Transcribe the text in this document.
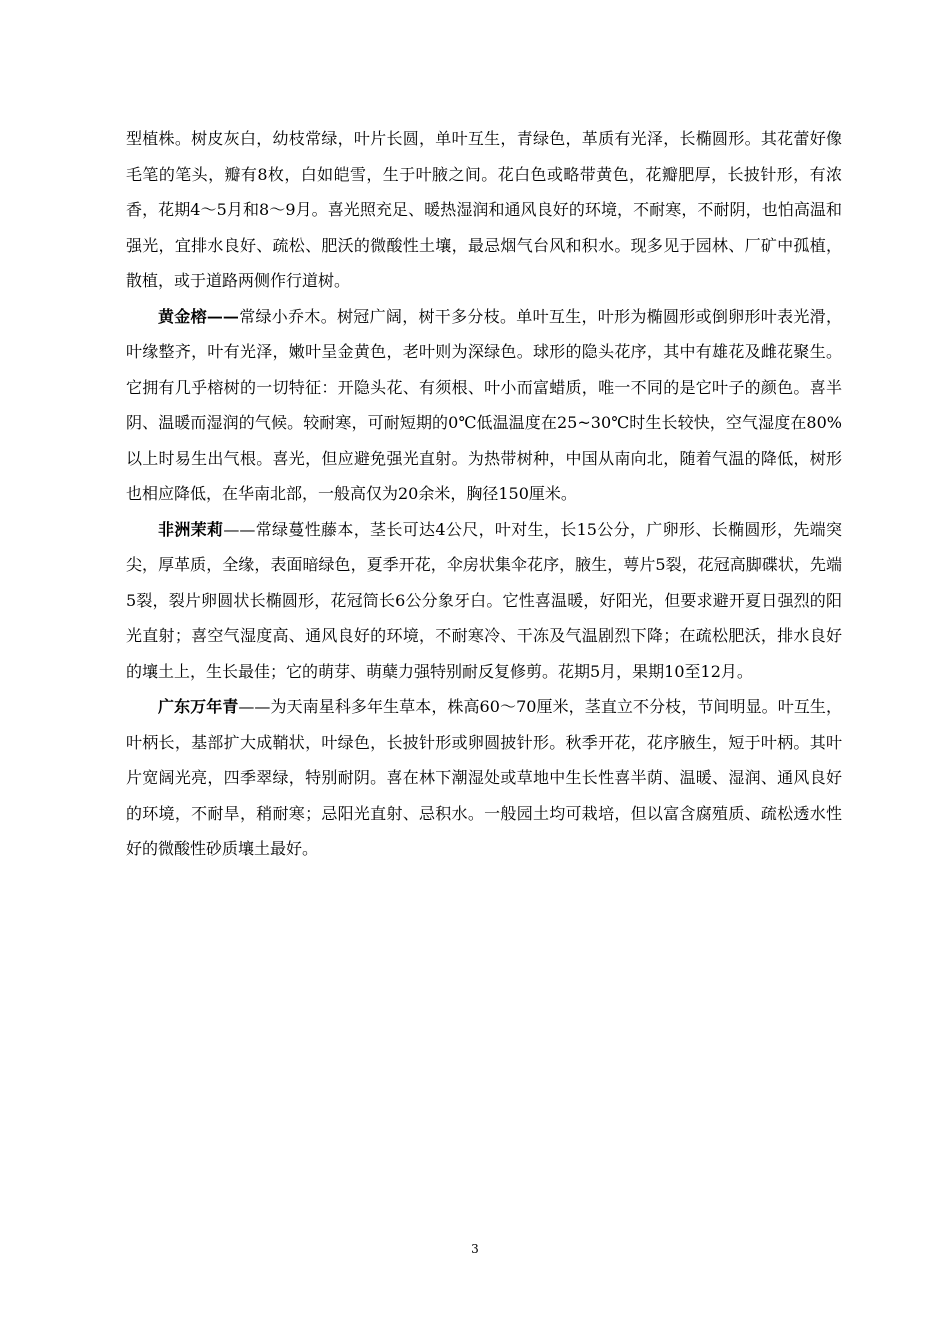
型植株。树皮灰白，幼枝常绿，叶片长圆，单叶互生，青绿色，革质有光泽，长椭圆形。其花蕾好像毛笔的笔头，瓣有8枚，白如皑雪，生于叶腋之间。花白色或略带黄色，花瓣肥厚，长披针形，有浓香，花期4～5月和8～9月。喜光照充足、暖热湿润和通风良好的环境，不耐寒，不耐阴，也怕高温和强光，宜排水良好、疏松、肥沃的微酸性土壤，最忌烟气台风和积水。现多见于园林、厂矿中孤植，散植，或于道路两侧作行道树。

黄金榕——常绿小乔木。树冠广阔，树干多分枝。单叶互生，叶形为椭圆形或倒卵形叶表光滑，叶缘整齐，叶有光泽，嫩叶呈金黄色，老叶则为深绿色。球形的隐头花序，其中有雄花及雌花聚生。它拥有几乎榕树的一切特征：开隐头花、有须根、叶小而富蜡质，唯一不同的是它叶子的颜色。喜半阴、温暖而湿润的气候。较耐寒，可耐短期的0℃低温温度在25~30℃时生长较快，空气湿度在80%以上时易生出气根。喜光，但应避免强光直射。为热带树种，中国从南向北，随着气温的降低，树形也相应降低，在华南北部，一般高仅为20余米，胸径150厘米。

非洲茉莉——常绿蔓性藤本，茎长可达4公尺，叶对生，长15公分，广卵形、长椭圆形，先端突尖，厚革质，全缘，表面暗绿色，夏季开花，伞房状集伞花序，腋生，萼片5裂，花冠高脚碟状，先端5裂，裂片卵圆状长椭圆形，花冠筒长6公分象牙白。它性喜温暖，好阳光，但要求避开夏日强烈的阳光直射；喜空气湿度高、通风良好的环境，不耐寒冷、干冻及气温剧烈下降；在疏松肥沃，排水良好的壤土上，生长最佳；它的萌芽、萌蘖力强特别耐反复修剪。花期5月，果期10至12月。

广东万年青——为天南星科多年生草本，株高60～70厘米，茎直立不分枝，节间明显。叶互生，叶柄长，基部扩大成鞘状，叶绿色，长披针形或卵圆披针形。秋季开花，花序腋生，短于叶柄。其叶片宽阔光亮，四季翠绿，特别耐阴。喜在林下潮湿处或草地中生长性喜半荫、温暖、湿润、通风良好的环境，不耐旱，稍耐寒；忌阳光直射、忌积水。一般园土均可栽培，但以富含腐殖质、疏松透水性好的微酸性砂质壤土最好。

3
